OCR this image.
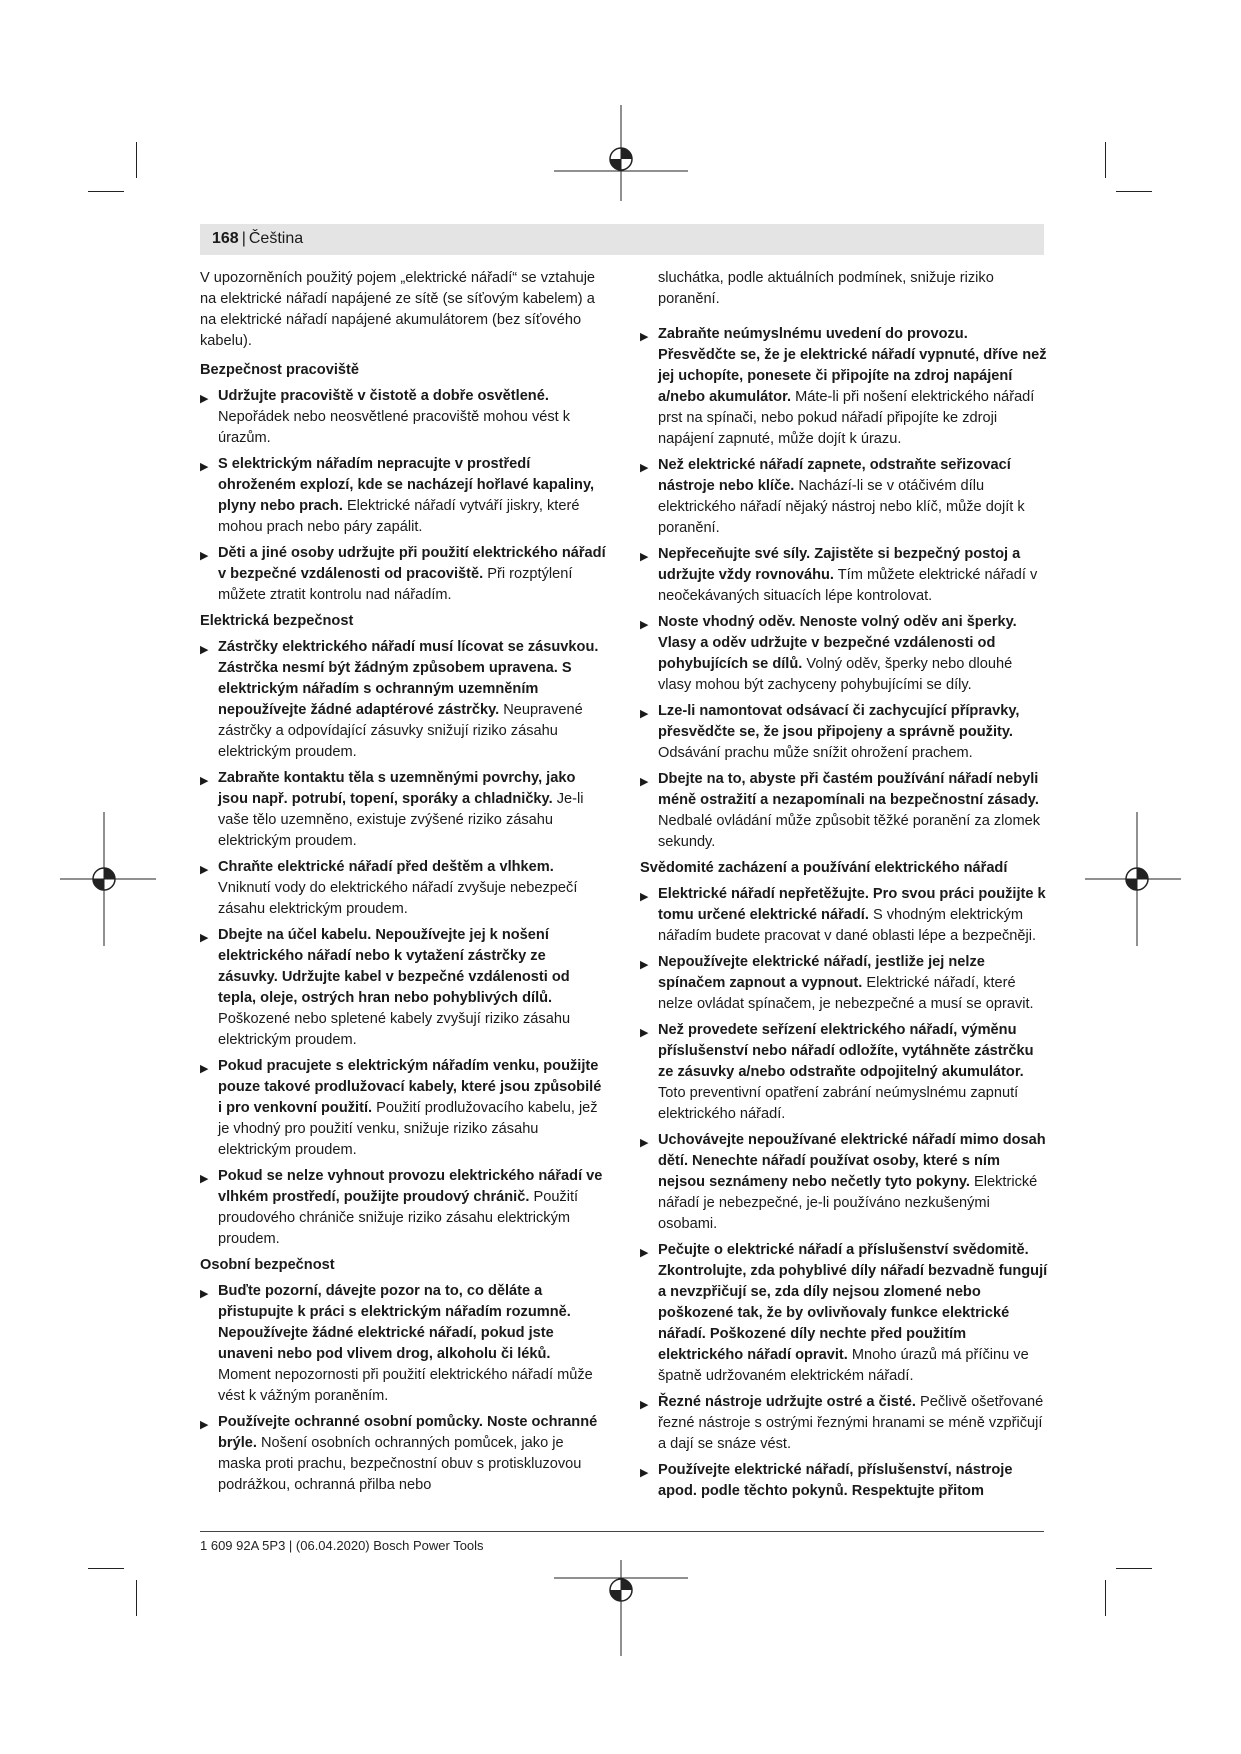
168 | Čeština

V upozorněních použitý pojem „elektrické nářadí“ se vztahuje na elektrické nářadí napájené ze sítě (se síťovým kabelem) a na elektrické nářadí napájené akumulátorem (bez síťového kabelu).

Bezpečnost pracoviště
▶ Udržujte pracoviště v čistotě a dobře osvětlené. Nepořádek nebo neosvětlené pracoviště mohou vést k úrazům.
▶ S elektrickým nářadím nepracujte v prostředí ohroženém explozí, kde se nacházejí hořlavé kapaliny, plyny nebo prach. Elektrické nářadí vytváří jiskry, které mohou prach nebo páry zapálit.
▶ Děti a jiné osoby udržujte při použití elektrického nářadí v bezpečné vzdálenosti od pracoviště. Při rozptýlení můžete ztratit kontrolu nad nářadím.
Elektrická bezpečnost
▶ Zástrčky elektrického nářadí musí lícovat se zásuvkou. Zástrčka nesmí být žádným způsobem upravena. S elektrickým nářadím s ochranným uzemněním nepoužívejte žádné adaptérové zástrčky. Neupravené zástrčky a odpovídající zásuvky snižují riziko zásahu elektrickým proudem.
▶ Zabraňte kontaktu těla s uzemněnými povrchy, jako jsou např. potrubí, topení, sporáky a chladničky. Je-li vaše tělo uzemněno, existuje zvýšené riziko zásahu elektrickým proudem.
▶ Chraňte elektrické nářadí před deštěm a vlhkem. Vniknutí vody do elektrického nářadí zvyšuje nebezpečí zásahu elektrickým proudem.
▶ Dbejte na účel kabelu. Nepoužívejte jej k nošení elektrického nářadí nebo k vytažení zástrčky ze zásuvky. Udržujte kabel v bezpečné vzdálenosti od tepla, oleje, ostrých hran nebo pohyblivých dílů. Poškozené nebo spletené kabely zvyšují riziko zásahu elektrickým proudem.
▶ Pokud pracujete s elektrickým nářadím venku, použijte pouze takové prodlužovací kabely, které jsou způsobilé i pro venkovní použití. Použití prodlužovacího kabelu, jež je vhodný pro použití venku, snižuje riziko zásahu elektrickým proudem.
▶ Pokud se nelze vyhnout provozu elektrického nářadí ve vlhkém prostředí, použijte proudový chránič. Použití proudového chrániče snižuje riziko zásahu elektrickým proudem.
Osobní bezpečnost
▶ Buďte pozorní, dávejte pozor na to, co děláte a přistupujte k práci s elektrickým nářadím rozumně. Nepoužívejte žádné elektrické nářadí, pokud jste unaveni nebo pod vlivem drog, alkoholu či léků. Moment nepozornosti při použití elektrického nářadí může vést k vážným poraněním.
▶ Používejte ochranné osobní pomůcky. Noste ochranné brýle. Nošení osobních ochranných pomůcek, jako je maska proti prachu, bezpečnostní obuv s protiskluzovou podrážkou, ochranná přilba nebo

sluchátka, podle aktuálních podmínek, snižuje riziko poranění.

▶ Zabraňte neúmyslnému uvedení do provozu. Přesvědčte se, že je elektrické nářadí vypnuté, dříve než jej uchopíte, ponesete či připojíte na zdroj napájení a/nebo akumulátor. Máte-li při nošení elektrického nářadí prst na spínači, nebo pokud nářadí připojíte ke zdroji napájení zapnuté, může dojít k úrazu.
▶ Než elektrické nářadí zapnete, odstraňte seřizovací nástroje nebo klíče. Nachází-li se v otáčivém dílu elektrického nářadí nějaký nástroj nebo klíč, může dojít k poranění.
▶ Nepřeceňujte své síly. Zajistěte si bezpečný postoj a udržujte vždy rovnováhu. Tím můžete elektrické nářadí v neočekávaných situacích lépe kontrolovat.
▶ Noste vhodný oděv. Nenoste volný oděv ani šperky. Vlasy a oděv udržujte v bezpečné vzdálenosti od pohybujících se dílů. Volný oděv, šperky nebo dlouhé vlasy mohou být zachyceny pohybujícími se díly.
▶ Lze-li namontovat odsávací či zachycující přípravky, přesvědčte se, že jsou připojeny a správně použity. Odsávání prachu může snížit ohrožení prachem.
▶ Dbejte na to, abyste při častém používání nářadí nebyli méně ostražití a nezapomínali na bezpečnostní zásady. Nedbalé ovládání může způsobit těžké poranění za zlomek sekundy.
Svědomité zacházení a používání elektrického nářadí
▶ Elektrické nářadí nepřetěžujte. Pro svou práci použijte k tomu určené elektrické nářadí. S vhodným elektrickým nářadím budete pracovat v dané oblasti lépe a bezpečněji.
▶ Nepoužívejte elektrické nářadí, jestliže jej nelze spínačem zapnout a vypnout. Elektrické nářadí, které nelze ovládat spínačem, je nebezpečné a musí se opravit.
▶ Než provedete seřízení elektrického nářadí, výměnu příslušenství nebo nářadí odložíte, vytáhněte zástrčku ze zásuvky a/nebo odstraňte odpojitelný akumulátor. Toto preventivní opatření zabrání neúmyslnému zapnutí elektrického nářadí.
▶ Uchovávejte nepoužívané elektrické nářadí mimo dosah dětí. Nenechte nářadí používat osoby, které s ním nejsou seznámeny nebo nečetly tyto pokyny. Elektrické nářadí je nebezpečné, je-li používáno nezkušenými osobami.
▶ Pečujte o elektrické nářadí a příslušenství svědomitě. Zkontrolujte, zda pohyblivé díly nářadí bezvadně fungují a nevzpřičují se, zda díly nejsou zlomené nebo poškozené tak, že by ovlivňovaly funkce elektrické nářadí. Poškozené díly nechte před použitím elektrického nářadí opravit. Mnoho úrazů má příčinu ve špatně udržovaném elektrickém nářadí.
▶ Řezné nástroje udržujte ostré a čisté. Pečlivě ošetřované řezné nástroje s ostrými řeznými hranami se méně vzpřičují a dají se snáze vést.
▶ Používejte elektrické nářadí, příslušenství, nástroje apod. podle těchto pokynů. Respektujte přitom
1 609 92A 5P3 | (06.04.2020) Bosch Power Tools
